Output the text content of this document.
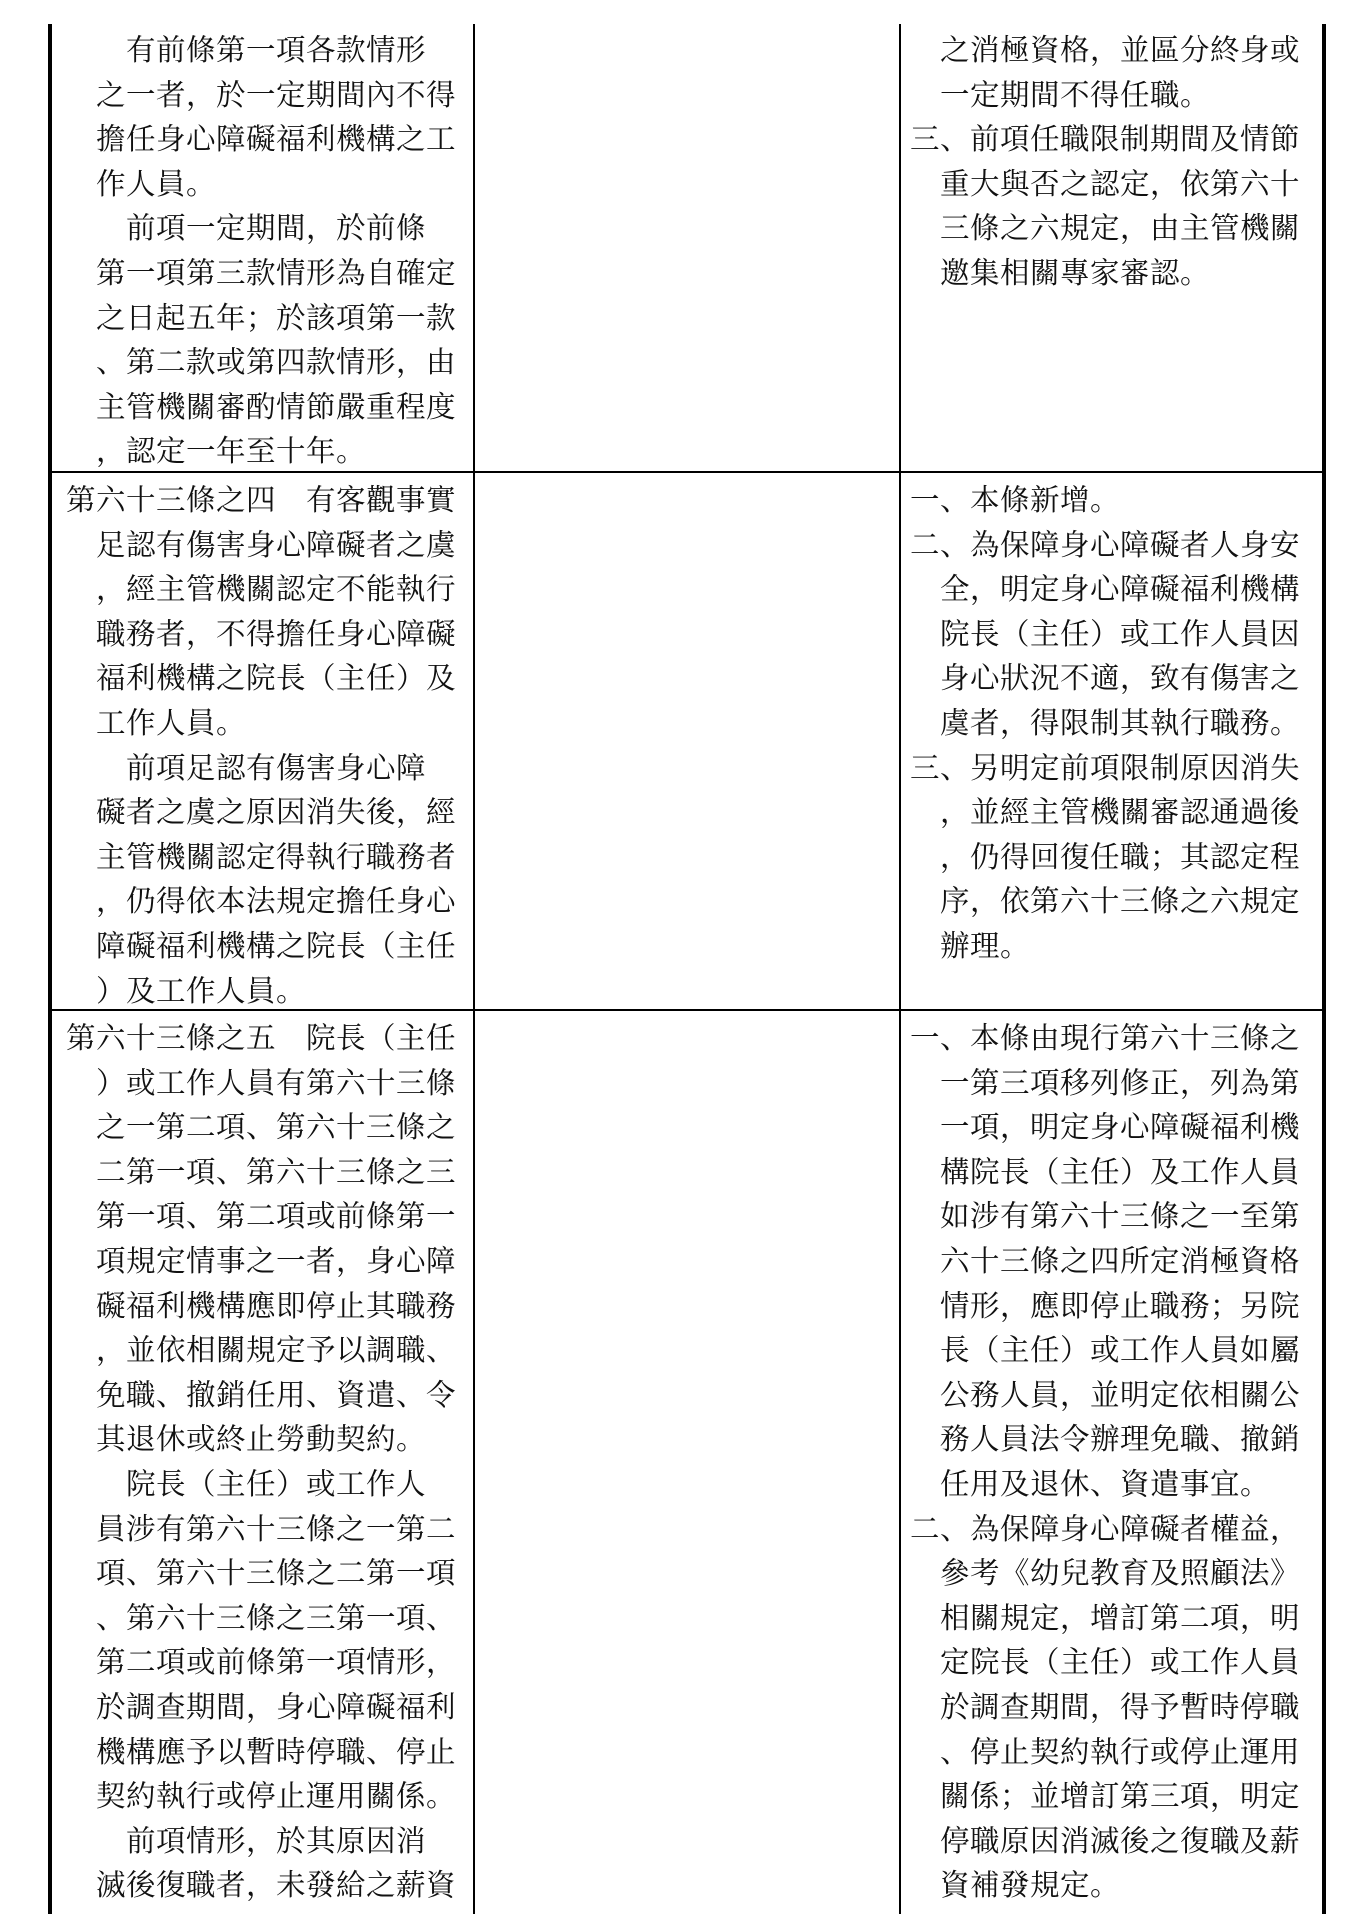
　　有前條第一項各款情形
　之一者，於一定期間內不得
　擔任身心障礙福利機構之工
　作人員。
　　前項一定期間，於前條
　第一項第三款情形為自確定
　之日起五年；於該項第一款
　、第二款或第四款情形，由
　主管機關審酌情節嚴重程度
　，認定一年至十年。
　之消極資格，並區分終身或
　一定期間不得任職。
三、前項任職限制期間及情節
　重大與否之認定，依第六十
　三條之六規定，由主管機關
　邀集相關專家審認。
第六十三條之四　有客觀事實
　足認有傷害身心障礙者之虞
　，經主管機關認定不能執行
　職務者，不得擔任身心障礙
　福利機構之院長（主任）及
　工作人員。
　　前項足認有傷害身心障
　礙者之虞之原因消失後，經
　主管機關認定得執行職務者
　，仍得依本法規定擔任身心
　障礙福利機構之院長（主任
　）及工作人員。
一、本條新增。
二、為保障身心障礙者人身安
　全，明定身心障礙福利機構
　院長（主任）或工作人員因
　身心狀況不適，致有傷害之
　虞者，得限制其執行職務。
三、另明定前項限制原因消失
　，並經主管機關審認通過後
　，仍得回復任職；其認定程
　序，依第六十三條之六規定
　辦理。
第六十三條之五　院長（主任
　）或工作人員有第六十三條
　之一第二項、第六十三條之
　二第一項、第六十三條之三
　第一項、第二項或前條第一
　項規定情事之一者，身心障
　礙福利機構應即停止其職務
　，並依相關規定予以調職、
　免職、撤銷任用、資遣、令
　其退休或終止勞動契約。
　　院長（主任）或工作人
　員涉有第六十三條之一第二
　項、第六十三條之二第一項
　、第六十三條之三第一項、
　第二項或前條第一項情形，
　於調查期間，身心障礙福利
　機構應予以暫時停職、停止
　契約執行或停止運用關係。
　　前項情形，於其原因消
　滅後復職者，未發給之薪資
一、本條由現行第六十三條之
　一第三項移列修正，列為第
　一項，明定身心障礙福利機
　構院長（主任）及工作人員
　如涉有第六十三條之一至第
　六十三條之四所定消極資格
　情形，應即停止職務；另院
　長（主任）或工作人員如屬
　公務人員，並明定依相關公
　務人員法令辦理免職、撤銷
　任用及退休、資遣事宜。
二、為保障身心障礙者權益，
　參考《幼兒教育及照顧法》
　相關規定，增訂第二項，明
　定院長（主任）或工作人員
　於調查期間，得予暫時停職
　、停止契約執行或停止運用
　關係；並增訂第三項，明定
　停職原因消滅後之復職及薪
　資補發規定。
